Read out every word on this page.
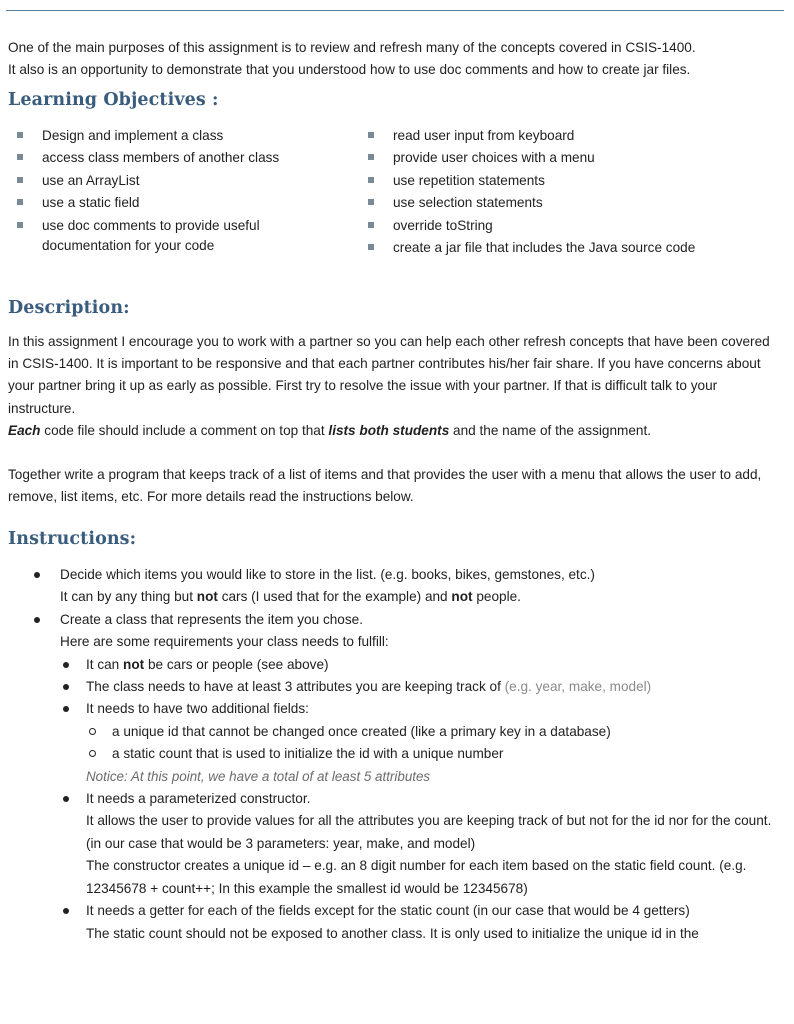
One of the main purposes of this assignment is to review and refresh many of the concepts covered in CSIS-1400.

It also is an opportunity to demonstrate that you understood how to use doc comments and how to create jar files.

Learning Objectives :
Design and implement a class
access class members of another class
use an ArrayList
use a static field
use doc comments to provide useful documentation for your code
read user input from keyboard
provide user choices with a menu
use repetition statements
use selection statements
override toString
create a jar file that includes the Java source code
Description:

In this assignment I encourage you to work with a partner so you can help each other refresh concepts that have been covered in CSIS-1400. It is important to be responsive and that each partner contributes his/her fair share. If you have concerns about your partner bring it up as early as possible. First try to resolve the issue with your partner. If that is difficult talk to your instructure.

Each code file should include a comment on top that lists both students and the name of the assignment.

Together write a program that keeps track of a list of items and that provides the user with a menu that allows the user to add, remove, list items, etc. For more details read the instructions below.

Instructions:
Decide which items you would like to store in the list. (e.g. books, bikes, gemstones, etc.)
It can by any thing but not cars (I used that for the example) and not people.
Create a class that represents the item you chose.
Here are some requirements your class needs to fulfill:
It can not be cars or people (see above)
The class needs to have at least 3 attributes you are keeping track of (e.g. year, make, model)
It needs to have two additional fields:
a unique id that cannot be changed once created (like a primary key in a database)
a static count that is used to initialize the id with a unique number
Notice: At this point, we have a total of at least 5 attributes
It needs a parameterized constructor.
It allows the user to provide values for all the attributes you are keeping track of but not for the id nor for the count. (in our case that would be 3 parameters: year, make, and model)
The constructor creates a unique id – e.g. an 8 digit number for each item based on the static field count. (e.g. 12345678 + count++; In this example the smallest id would be 12345678)
It needs a getter for each of the fields except for the static count (in our case that would be 4 getters)
The static count should not be exposed to another class. It is only used to initialize the unique id in the
